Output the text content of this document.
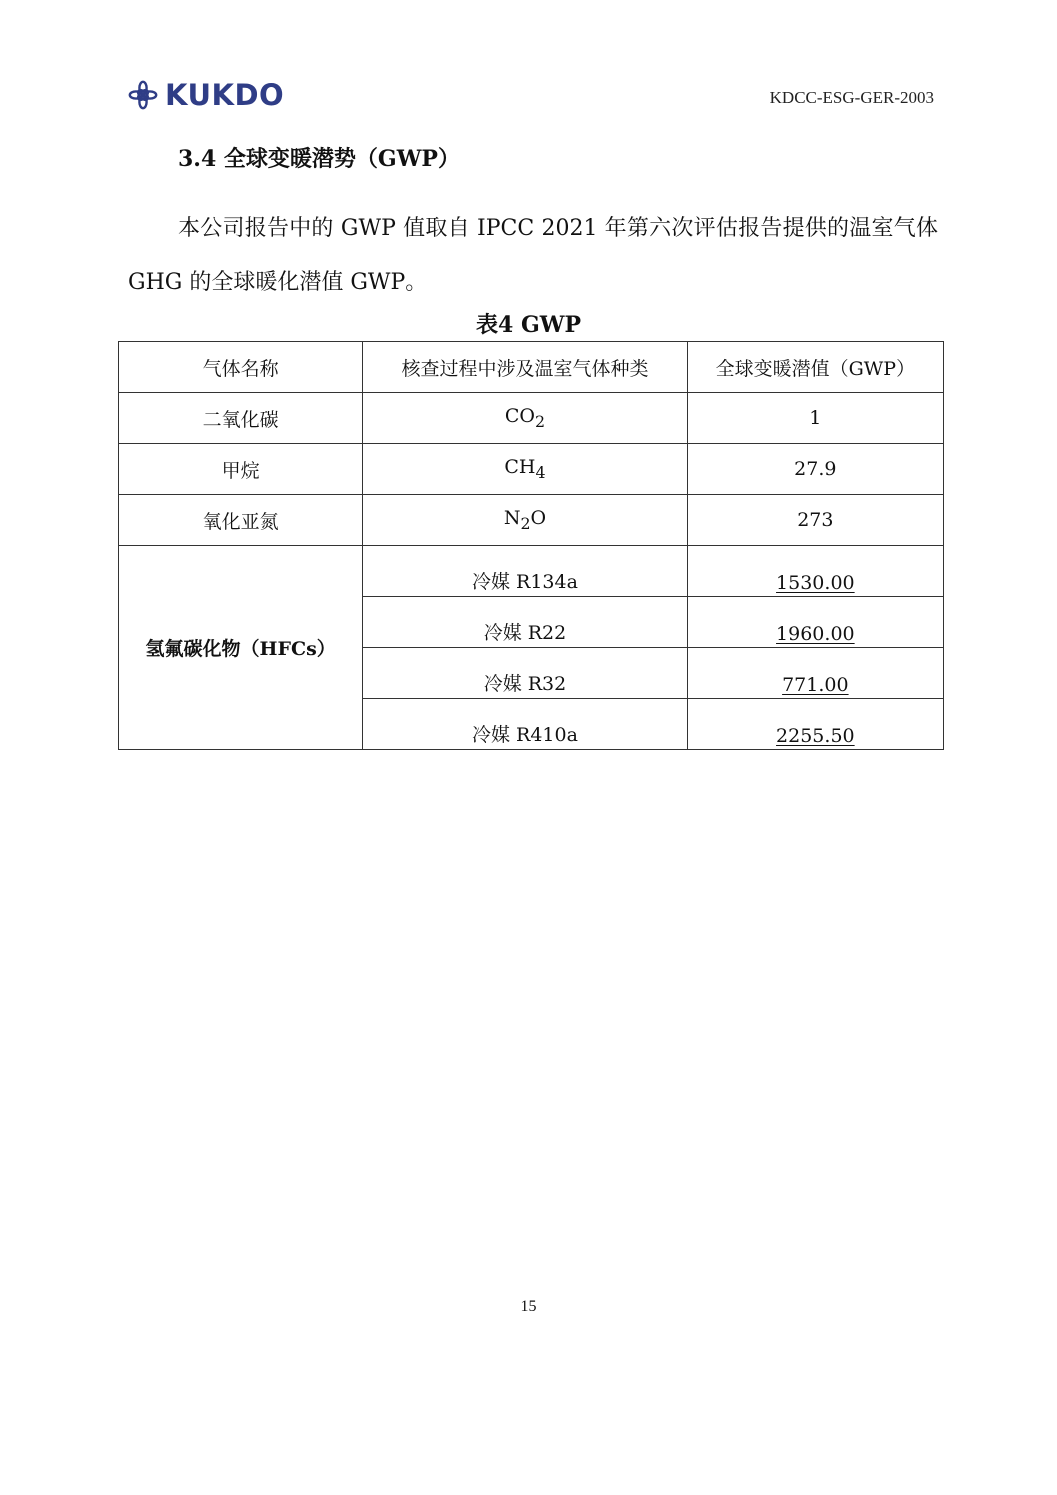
KUKDO	KDCC-ESG-GER-2003
3.4 全球变暖潜势（GWP）
本公司报告中的 GWP 值取自 IPCC 2021 年第六次评估报告提供的温室气体 GHG 的全球暖化潜值 GWP。
表4 GWP
气体名称	核查过程中涉及温室气体种类	全球变暖潜值（GWP）
二氧化碳	$CO_2$	1
甲烷	$CH_4$	27.9
氧化亚氮	$N_2O$	273
氢氟碳化物（HFCs）	冷媒 R134a	1530.00
	冷媒 R22	1960.00
	冷媒 R32	771.00
	冷媒 R410a	2255.50
15
